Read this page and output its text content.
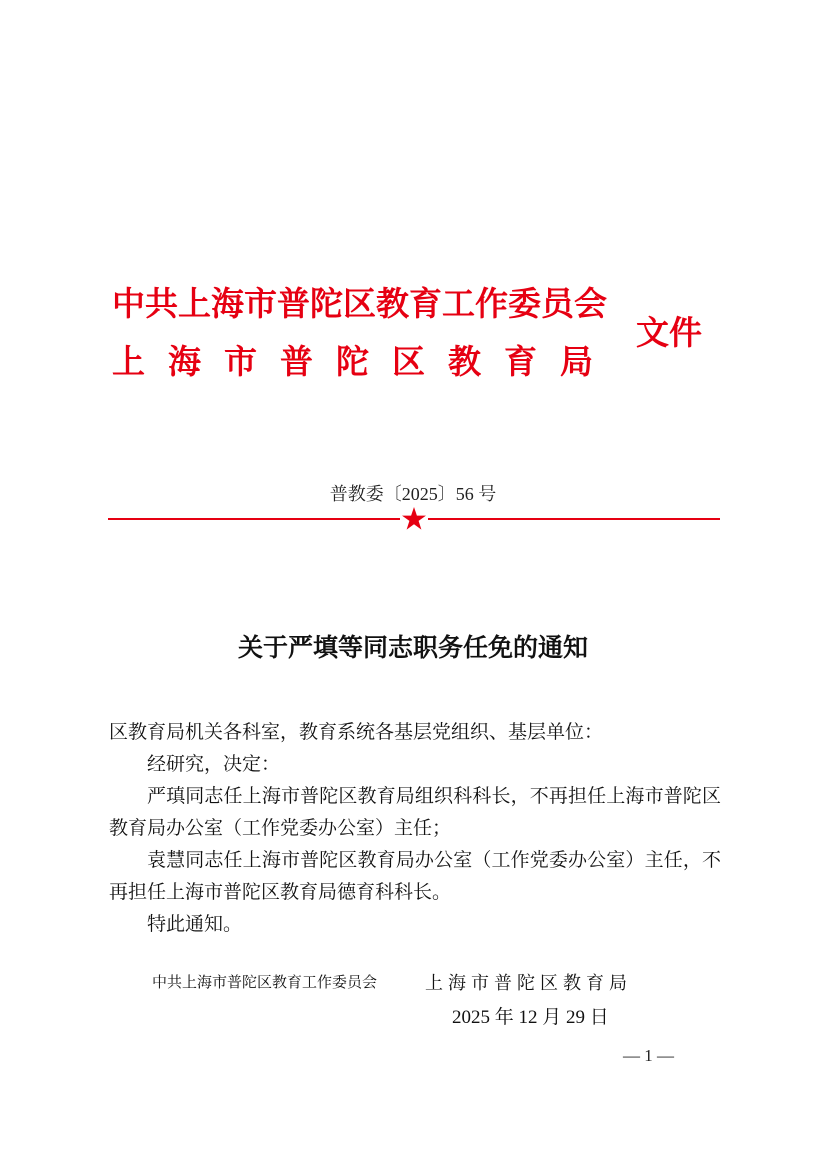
中共上海市普陀区教育工作委员会
上海市普陀区教育局
文件
普教委〔2025〕56 号
关于严填等同志职务任免的通知

区教育局机关各科室，教育系统各基层党组织、基层单位：

经研究，决定：

严瑱同志任上海市普陀区教育局组织科科长，不再担任上海市普陀区教育局办公室（工作党委办公室）主任；

袁慧同志任上海市普陀区教育局办公室（工作党委办公室）主任，不再担任上海市普陀区教育局德育科科长。

特此通知。

中共上海市普陀区教育工作委员会	上海市普陀区教育局
2025 年 12 月 29 日
— 1 —
